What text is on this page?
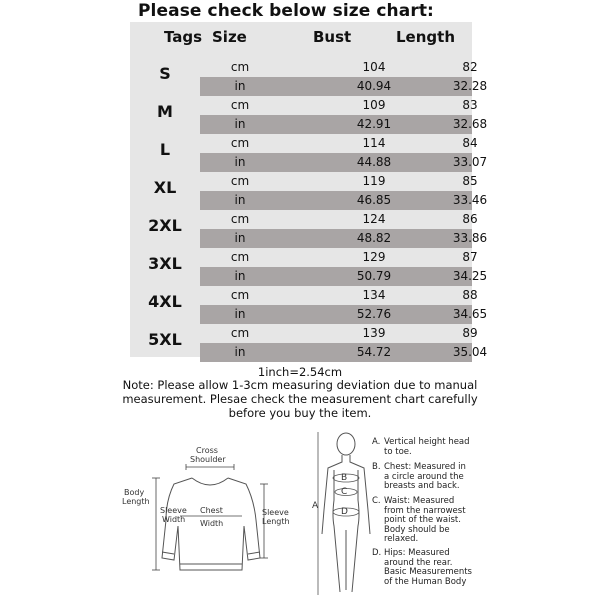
Please check below size chart:
Tags Size	Bust	Length
S	cm	104	82
in	40.94	32.28
M	cm	109	83
in	42.91	32.68
L	cm	114	84
in	44.88	33.07
XL	cm	119	85
in	46.85	33.46
2XL	cm	124	86
in	48.82	33.86
3XL	cm	129	87
in	50.79	34.25
4XL	cm	134	88
in	52.76	34.65
5XL	cm	139	89
in	54.72	35.04
1inch=2.54cm
Note: Please allow 1-3cm measuring deviation due to manual
measurement. Plesae check the measurement chart carefully
before you buy the item.
Cross
Shoulder
Body
Length
Sleeve
Width
Chest
Width
Sleeve
Length
A
B
C
D
A. Vertical height head
to toe.
B. Chest: Measured in
a circle around the
breasts and back.
C. Waist: Measured
from the narrowest
point of the waist.
Body should be
relaxed.
D. Hips: Measured
around the rear.
Basic Measurements
of the Human Body
